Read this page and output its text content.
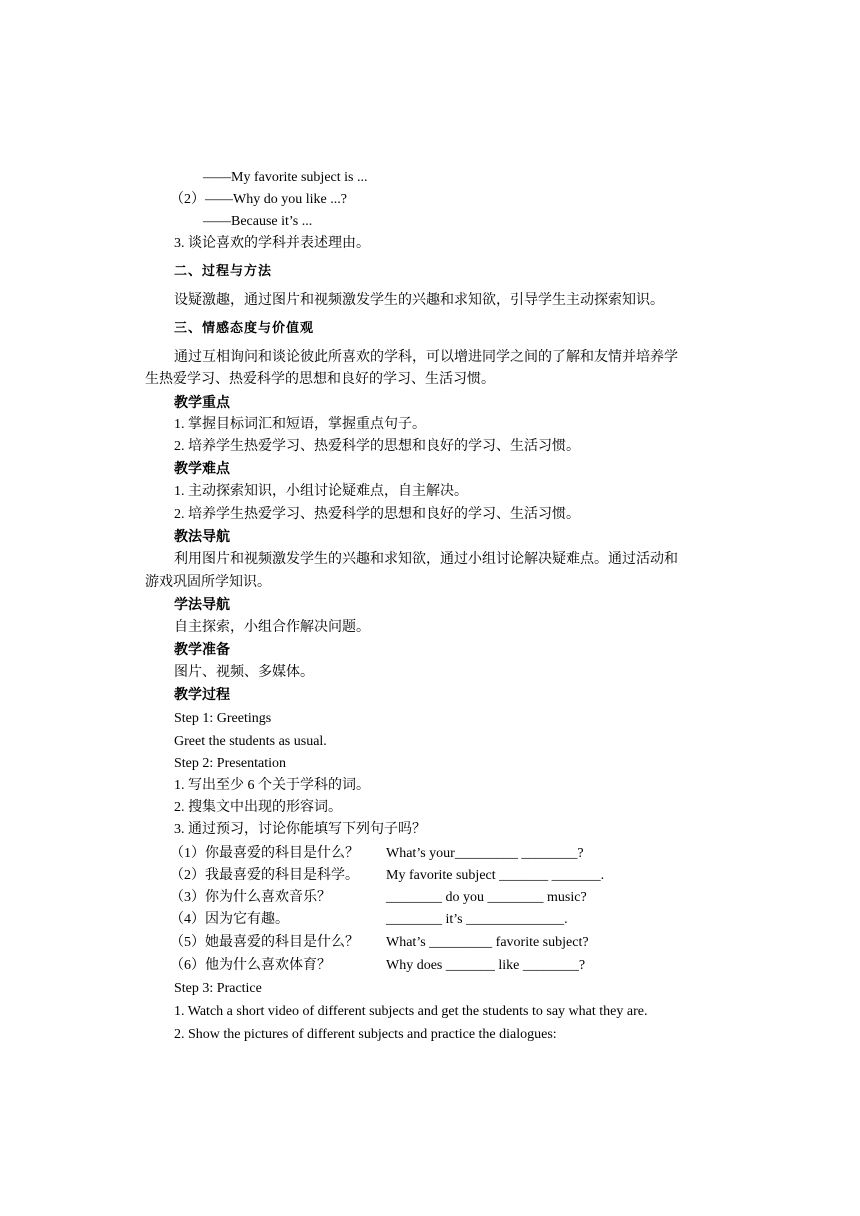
——My favorite subject is ...
（2）——Why do you like ...?
——Because it’s ...
3. 谈论喜欢的学科并表述理由。
二、过程与方法
设疑激趣，通过图片和视频激发学生的兴趣和求知欲，引导学生主动探索知识。
三、情感态度与价值观
通过互相询问和谈论彼此所喜欢的学科，可以增进同学之间的了解和友情并培养学
生热爱学习、热爱科学的思想和良好的学习、生活习惯。
教学重点
1. 掌握目标词汇和短语，掌握重点句子。
2. 培养学生热爱学习、热爱科学的思想和良好的学习、生活习惯。
教学难点
1. 主动探索知识，小组讨论疑难点，自主解决。
2. 培养学生热爱学习、热爱科学的思想和良好的学习、生活习惯。
教法导航
利用图片和视频激发学生的兴趣和求知欲，通过小组讨论解决疑难点。通过活动和
游戏巩固所学知识。
学法导航
自主探索，小组合作解决问题。
教学准备
图片、视频、多媒体。
教学过程
Step 1: Greetings
Greet the students as usual.
Step 2: Presentation
1. 写出至少 6 个关于学科的词。
2. 搜集文中出现的形容词。
3. 通过预习，讨论你能填写下列句子吗？
（1）你最喜爱的科目是什么？ What’s your_________ ________?
（2）我最喜爱的科目是科学。 My favorite subject _______ _______.
（3）你为什么喜欢音乐？	________ do you ________ music?
（4）因为它有趣。	________ it’s ______________.
（5）她最喜爱的科目是什么？ What’s _________ favorite subject?
（6）他为什么喜欢体育？	Why does _______ like ________?
Step 3: Practice
1. Watch a short video of different subjects and get the students to say what they are.
2. Show the pictures of different subjects and practice the dialogues:
